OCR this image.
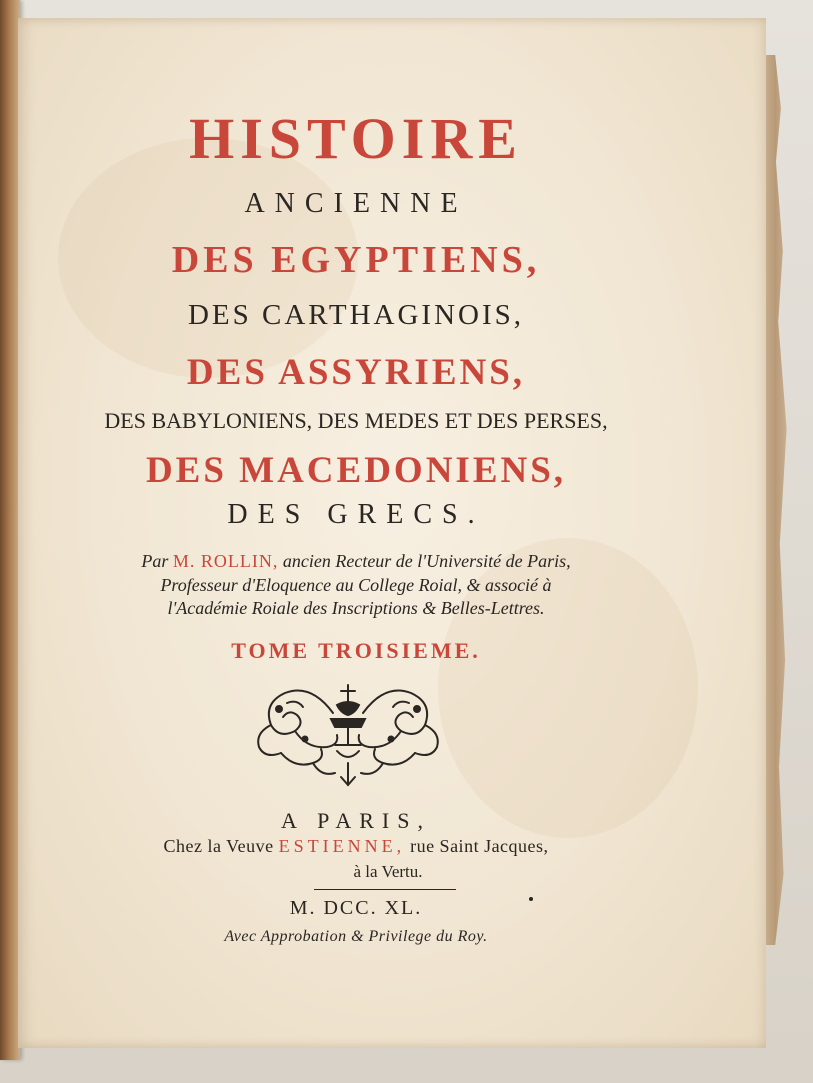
HISTOIRE
ANCIENNE
DES EGYPTIENS,
DES CARTHAGINOIS,
DES ASSYRIENS,
DES BABYLONIENS, DES MEDES ET DES PERSES,
DES MACEDONIENS,
DES GRECS.
Par M. ROLLIN, ancien Recteur de l'Université de Paris,
Professeur d'Eloquence au College Roial, & associé à
l'Académie Roiale des Inscriptions & Belles-Lettres.
TOME TROISIEME.
A PARIS,
Chez la Veuve ESTIENNE, rue Saint Jacques,
à la Vertu.
M. DCC. XL.
Avec Approbation & Privilege du Roy.
